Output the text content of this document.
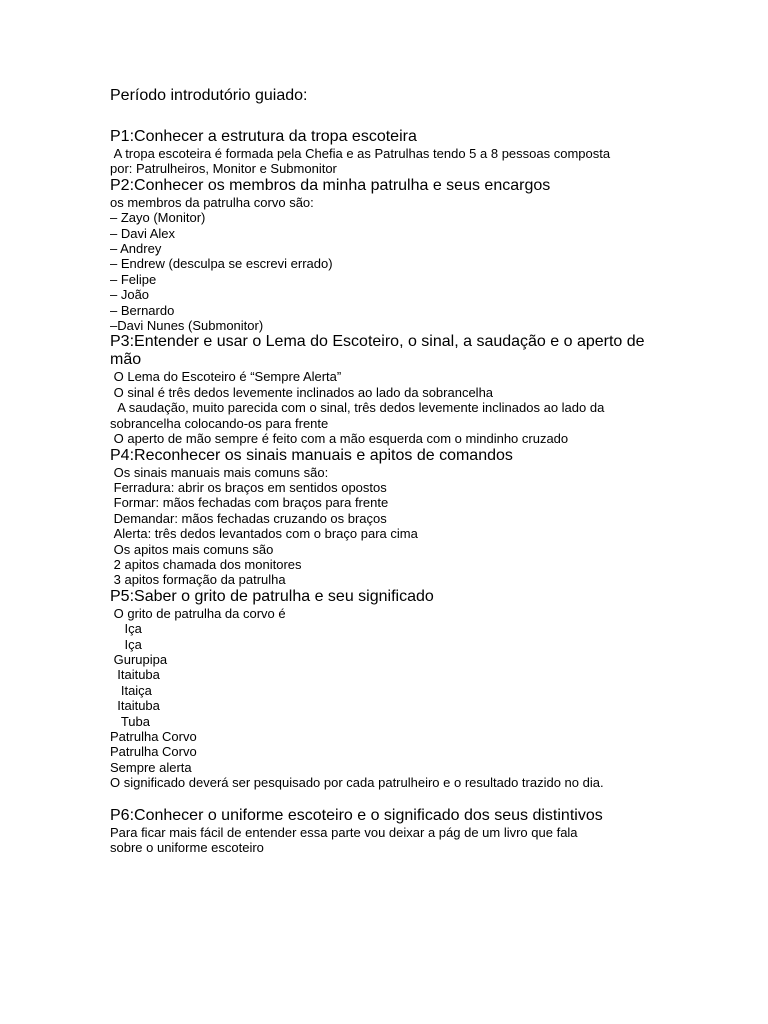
Período introdutório guiado:
P1:Conhecer a estrutura da tropa escoteira

A tropa escoteira é formada pela Chefia e as Patrulhas tendo 5 a 8 pessoas composta

por: Patrulheiros, Monitor e Submonitor

P2:Conhecer os membros da minha patrulha e seus encargos

os membros da patrulha corvo são:

– Zayo (Monitor)

– Davi Alex

– Andrey

– Endrew (desculpa se escrevi errado)

– Felipe

– João

– Bernardo

–Davi Nunes (Submonitor)

P3:Entender e usar o Lema do Escoteiro, o sinal, a saudação e o aperto de mão

O Lema do Escoteiro é “Sempre Alerta”

O sinal é três dedos levemente inclinados ao lado da sobrancelha

A saudação, muito parecida com o sinal, três dedos levemente inclinados ao lado da

sobrancelha colocando-os para frente

O aperto de mão sempre é feito com a mão esquerda com o mindinho cruzado

P4:Reconhecer os sinais manuais e apitos de comandos

Os sinais manuais mais comuns são:

Ferradura: abrir os braços em sentidos opostos

Formar: mãos fechadas com braços para frente

Demandar: mãos fechadas cruzando os braços

Alerta: três dedos levantados com o braço para cima

Os apitos mais comuns são

2 apitos chamada dos monitores

3 apitos formação da patrulha

P5:Saber o grito de patrulha e seu significado

O grito de patrulha da corvo é

Iça

Iça

Gurupipa

Itaituba

Itaiça

Itaituba

Tuba

Patrulha Corvo

Patrulha Corvo

Sempre alerta

O significado deverá ser pesquisado por cada patrulheiro e o resultado trazido no dia.

P6:Conhecer o uniforme escoteiro e o significado dos seus distintivos

Para ficar mais fácil de entender essa parte vou deixar a pág de um livro que fala

sobre o uniforme escoteiro
